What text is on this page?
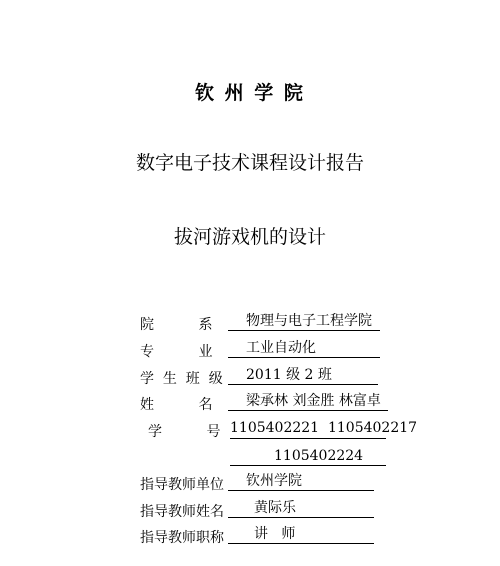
钦 州 学 院
数字电子技术课程设计报告
拔河游戏机的设计
院          系	物理与电子工程学院
专          业	工业自动化
学  生  班  级	2011 级 2 班
姓          名	梁承林 刘金胜 林富卓
学          号 1105402221  1105402217
1105402224
指导教师单位	钦州学院
指导教师姓名	黄际乐
指导教师职称	讲   师
